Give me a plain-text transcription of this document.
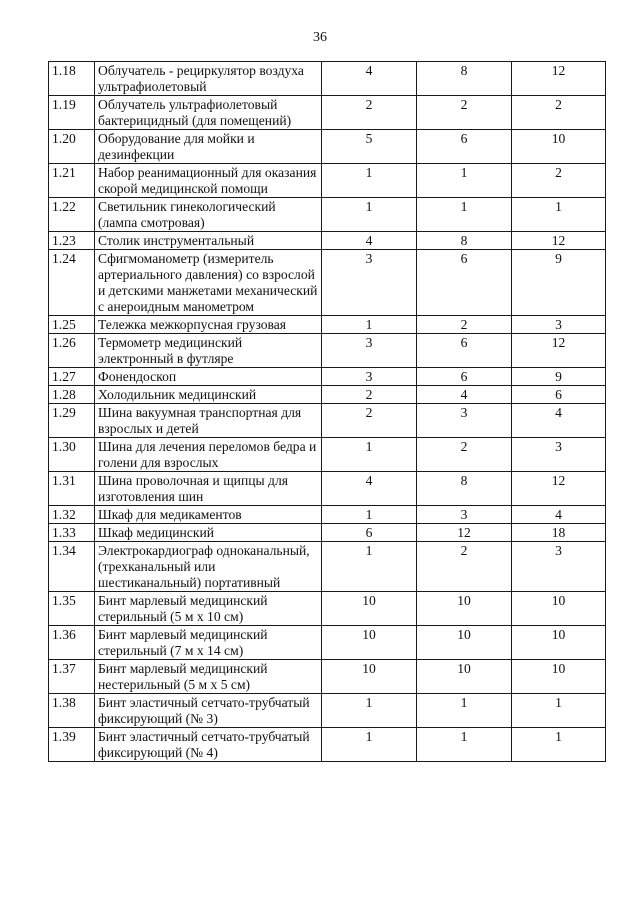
36
1.18	Облучатель - рециркулятор воздуха ультрафиолетовый	4	8	12
1.19	Облучатель ультрафиолетовый бактерицидный (для помещений)	2	2	2
1.20	Оборудование для мойки и дезинфекции	5	6	10
1.21	Набор реанимационный для оказания скорой медицинской помощи	1	1	2
1.22	Светильник гинекологический (лампа смотровая)	1	1	1
1.23	Столик инструментальный	4	8	12
1.24	Сфигмоманометр (измеритель артериального давления) со взрослой и детскими манжетами механический с анероидным манометром	3	6	9
1.25	Тележка межкорпусная грузовая	1	2	3
1.26	Термометр медицинский электронный в футляре	3	6	12
1.27	Фонендоскоп	3	6	9
1.28	Холодильник медицинский	2	4	6
1.29	Шина вакуумная транспортная для взрослых и детей	2	3	4
1.30	Шина для лечения переломов бедра и голени для взрослых	1	2	3
1.31	Шина проволочная и щипцы для изготовления шин	4	8	12
1.32	Шкаф для медикаментов	1	3	4
1.33	Шкаф медицинский	6	12	18
1.34	Электрокардиограф одноканальный, (трехканальный или шестиканальный) портативный	1	2	3
1.35	Бинт марлевый медицинский стерильный (5 м x 10 см)	10	10	10
1.36	Бинт марлевый медицинский стерильный (7 м x 14 см)	10	10	10
1.37	Бинт марлевый медицинский нестерильный (5 м x 5 см)	10	10	10
1.38	Бинт эластичный сетчато-трубчатый фиксирующий (№ 3)	1	1	1
1.39	Бинт эластичный сетчато-трубчатый фиксирующий (№ 4)	1	1	1
